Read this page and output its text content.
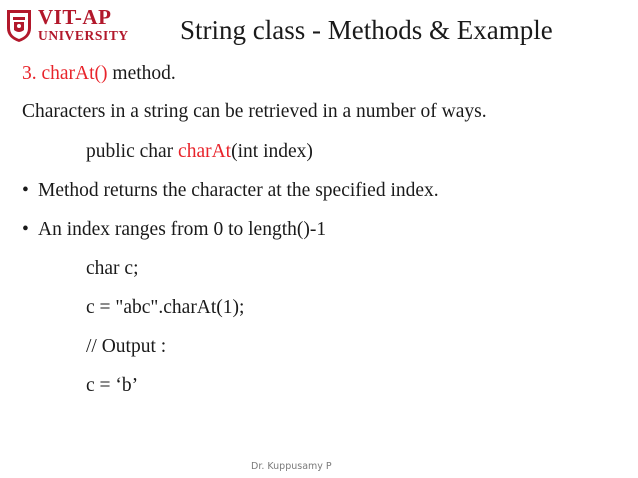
VIT-AP
UNIVERSITY String class - Methods & Example
3. charAt() method.
Characters in a string can be retrieved in a number of ways.
public char charAt(int index)
• Method returns the character at the specified index.
• An index ranges from 0 to length()-1
char c;
c = "abc".charAt(1);
// Output :
c = ‘b’
Dr. Kuppusamy P
